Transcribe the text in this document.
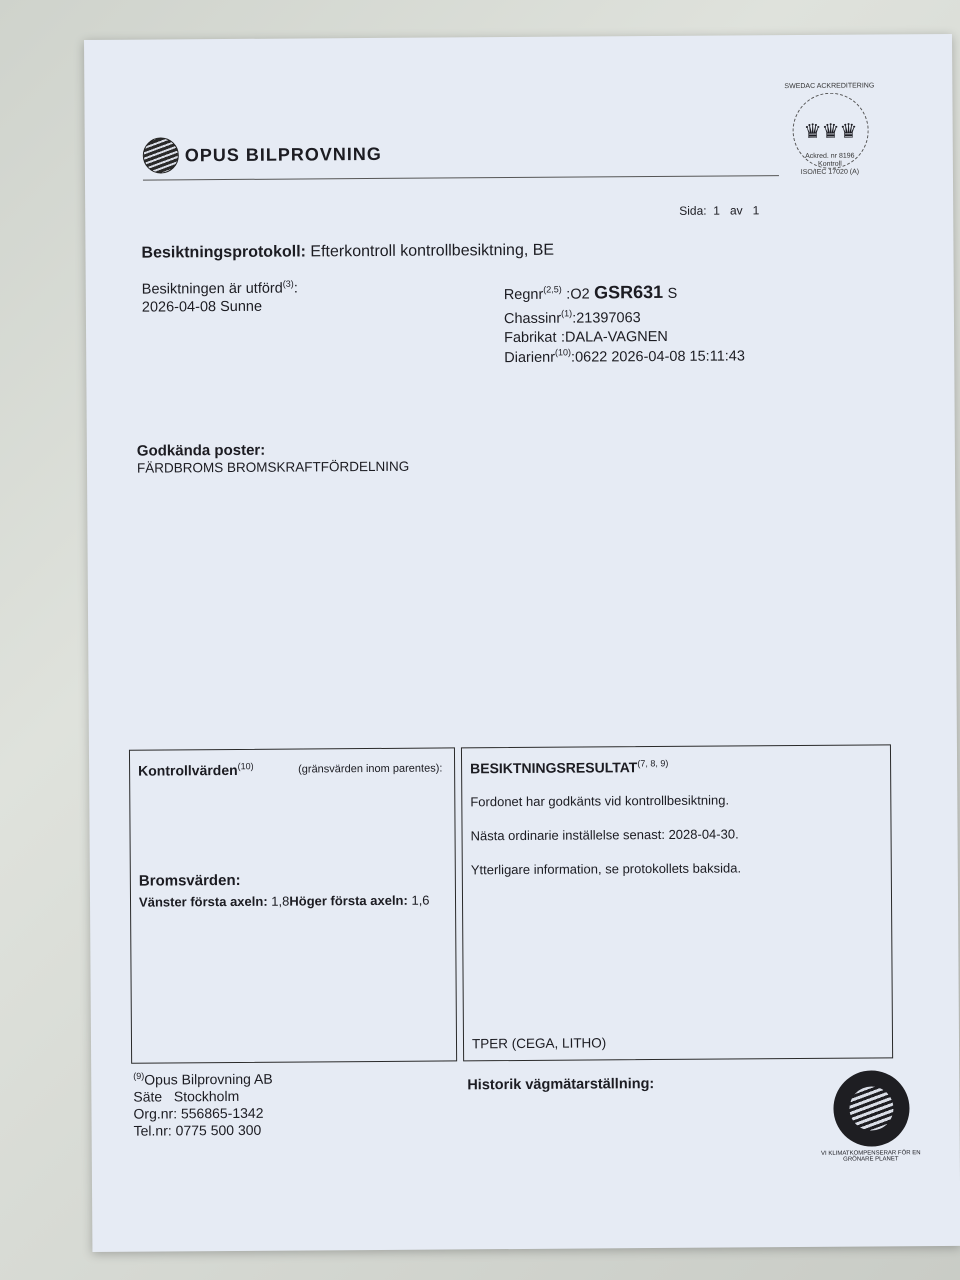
OPUS BILPROVNING
♛♛♛
SWEDAC ACKREDITERING
Ackred. nr 8196
Kontroll
ISO/IEC 17020 (A)
Sida: 1 av 1
Besiktningsprotokoll: Efterkontroll kontrollbesiktning, BE
Besiktningen är utförd$^{(3)}$:
2026-04-08 Sunne
Regnr$^{(2,5)}$ :O2 GSR631 S
Chassinr$^{(1)}$:21397063
Fabrikat :DALA-VAGNEN
Diarienr$^{(10)}$:0622 2026-04-08 15:11:43
Godkända poster:
FÄRDBROMS BROMSKRAFTFÖRDELNING
Kontrollvärden$^{(10)}$	(gränsvärden inom parentes):
Bromsvärden:
Vänster första axeln: 1,8Höger första axeln: 1,6
BESIKTNINGSRESULTAT$^{(7, 8, 9)}$
Fordonet har godkänts vid kontrollbesiktning.
Nästa ordinarie inställelse senast: 2028-04-30.
Ytterligare information, se protokollets baksida.
TPER (CEGA, LITHO)
$^{(9)}$Opus Bilprovning AB
Säte   Stockholm
Org.nr: 556865-1342
Tel.nr: 0775 500 300
Historik vägmätarställning:
VI KLIMATKOMPENSERAR FÖR EN GRÖNARE PLANET
